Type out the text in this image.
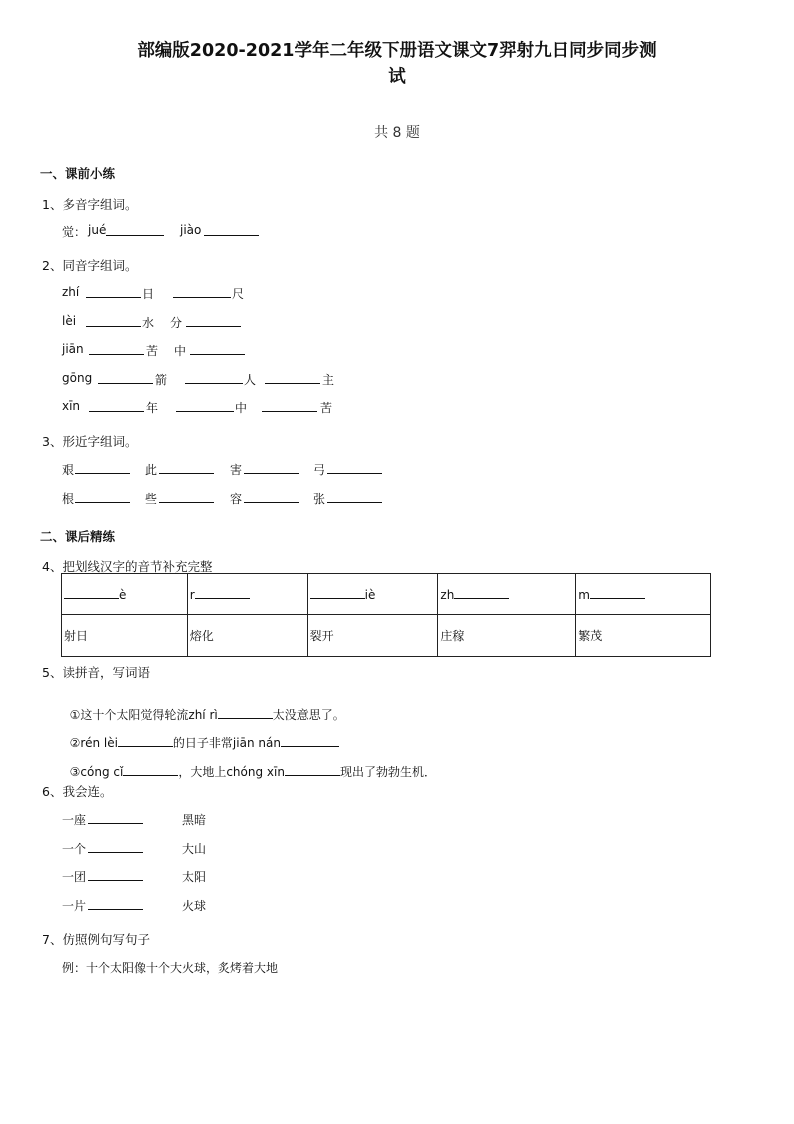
部编版2020-2021学年二年级下册语文课文7羿射九日同步同步测
试
共 8 题
一、课前小练
1、多音字组词。

觉：

jué

	jiào

2、同音字组词。

zhí

	日

	尺

lèi

	水

分

jiān

	苦

中

gōng

	箭

	人

	主

xīn

	年

	中

	苦

3、形近字组词。

艰

	此

	害

	弓

根

	些

	容

	张

二、课后精练
4、把划线汉字的音节补充完整
è	r	iè	zh	m
射日	熔化	裂开	庄稼	繁茂
5、读拼音，写词语

①这十个太阳觉得轮流zhí rì	太没意思了。

②rén lèi	的日子非常jiān nán

③cóng cǐ	，大地上chóng xīn	现出了勃勃生机．

6、我会连。

一座

	黑暗

一个

	大山

一团

	太阳

一片

	火球

7、仿照例句写句子
例：十个太阳像十个大火球，炙烤着大地
